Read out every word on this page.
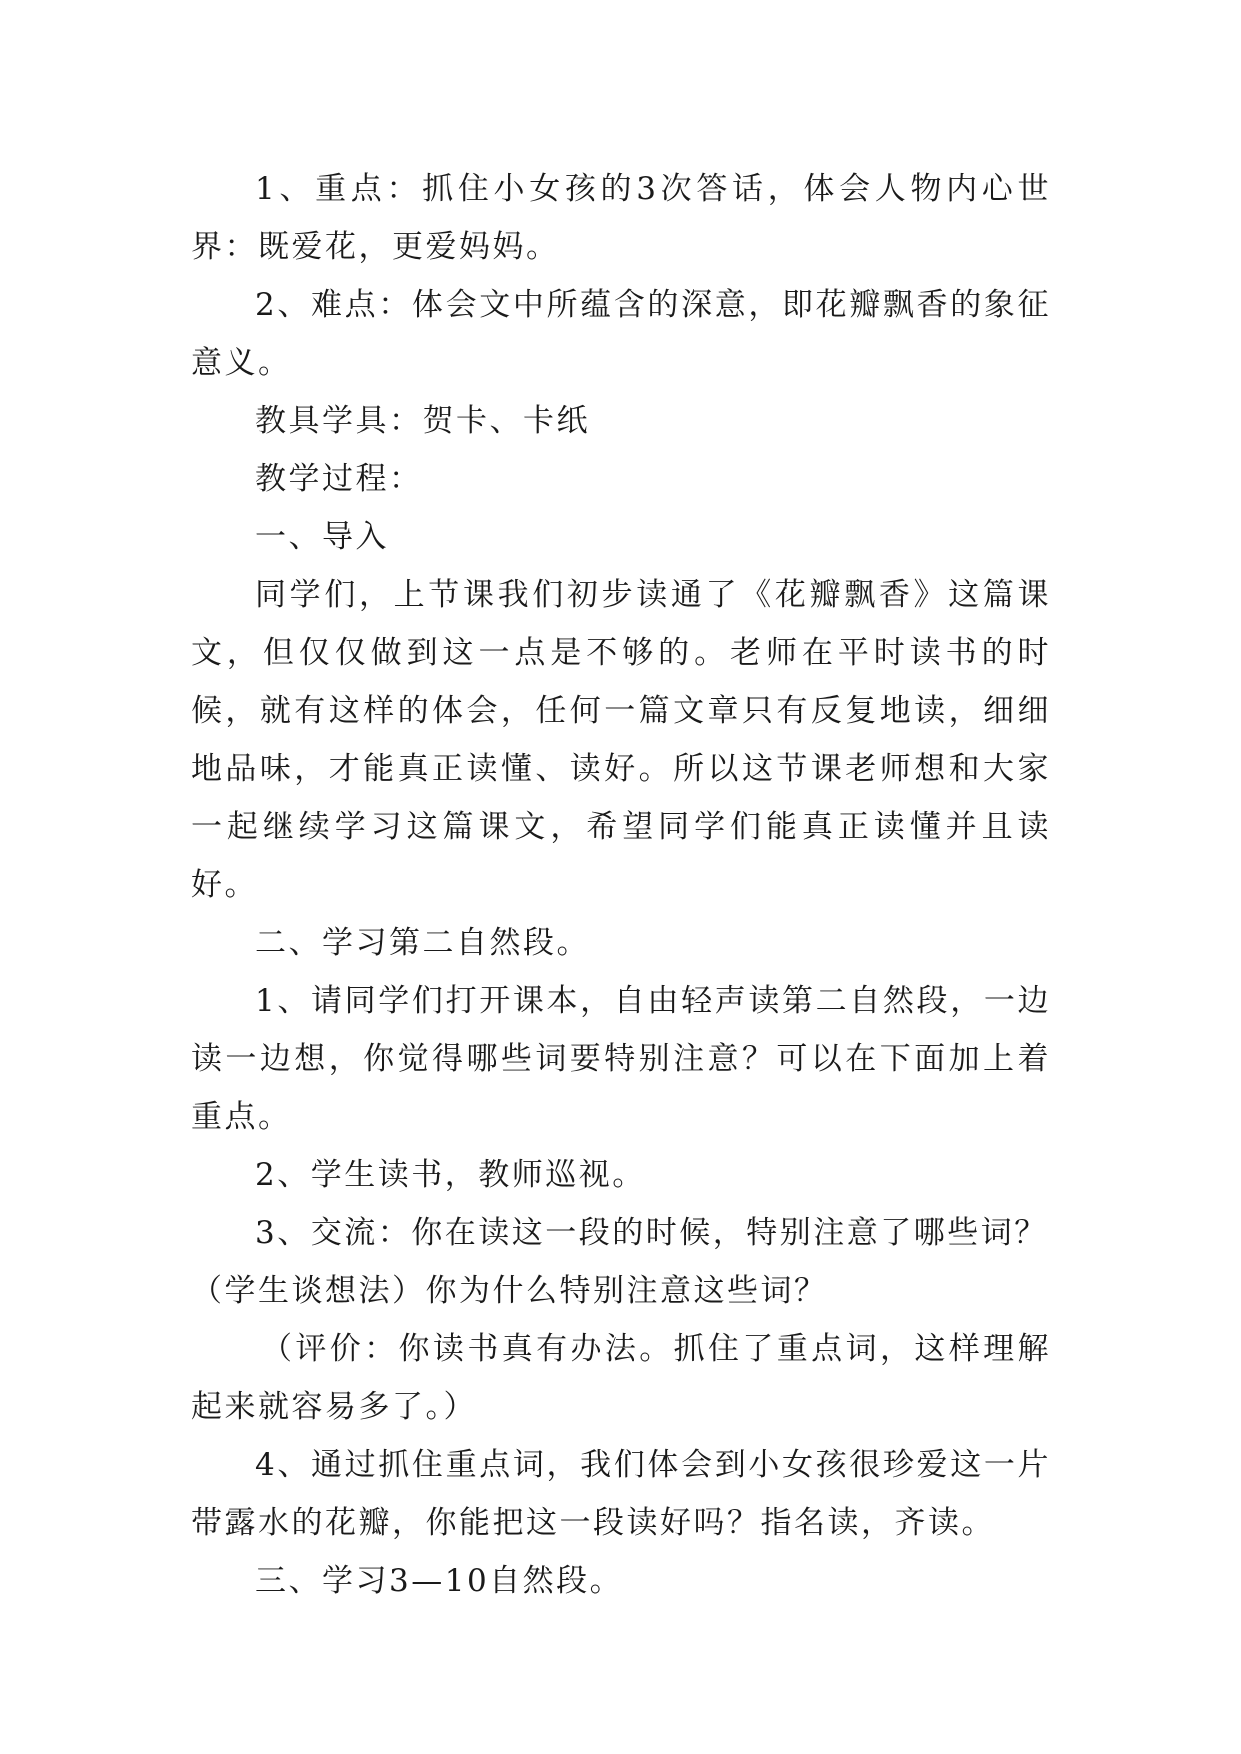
1、重点：抓住小女孩的3次答话，体会人物内心世界：既爱花，更爱妈妈。

2、难点：体会文中所蕴含的深意，即花瓣飘香的象征意义。

教具学具：贺卡、卡纸

教学过程：

一、导入

同学们，上节课我们初步读通了《花瓣飘香》这篇课文，但仅仅做到这一点是不够的。老师在平时读书的时候，就有这样的体会，任何一篇文章只有反复地读，细细地品味，才能真正读懂、读好。所以这节课老师想和大家一起继续学习这篇课文，希望同学们能真正读懂并且读好。

二、学习第二自然段。

1、请同学们打开课本，自由轻声读第二自然段，一边读一边想，你觉得哪些词要特别注意？可以在下面加上着重点。

2、学生读书，教师巡视。

3、交流：你在读这一段的时候，特别注意了哪些词？

（学生谈想法）你为什么特别注意这些词？

（评价：你读书真有办法。抓住了重点词，这样理解起来就容易多了。）

4、通过抓住重点词，我们体会到小女孩很珍爱这一片带露水的花瓣，你能把这一段读好吗？指名读，齐读。

三、学习3—10自然段。
